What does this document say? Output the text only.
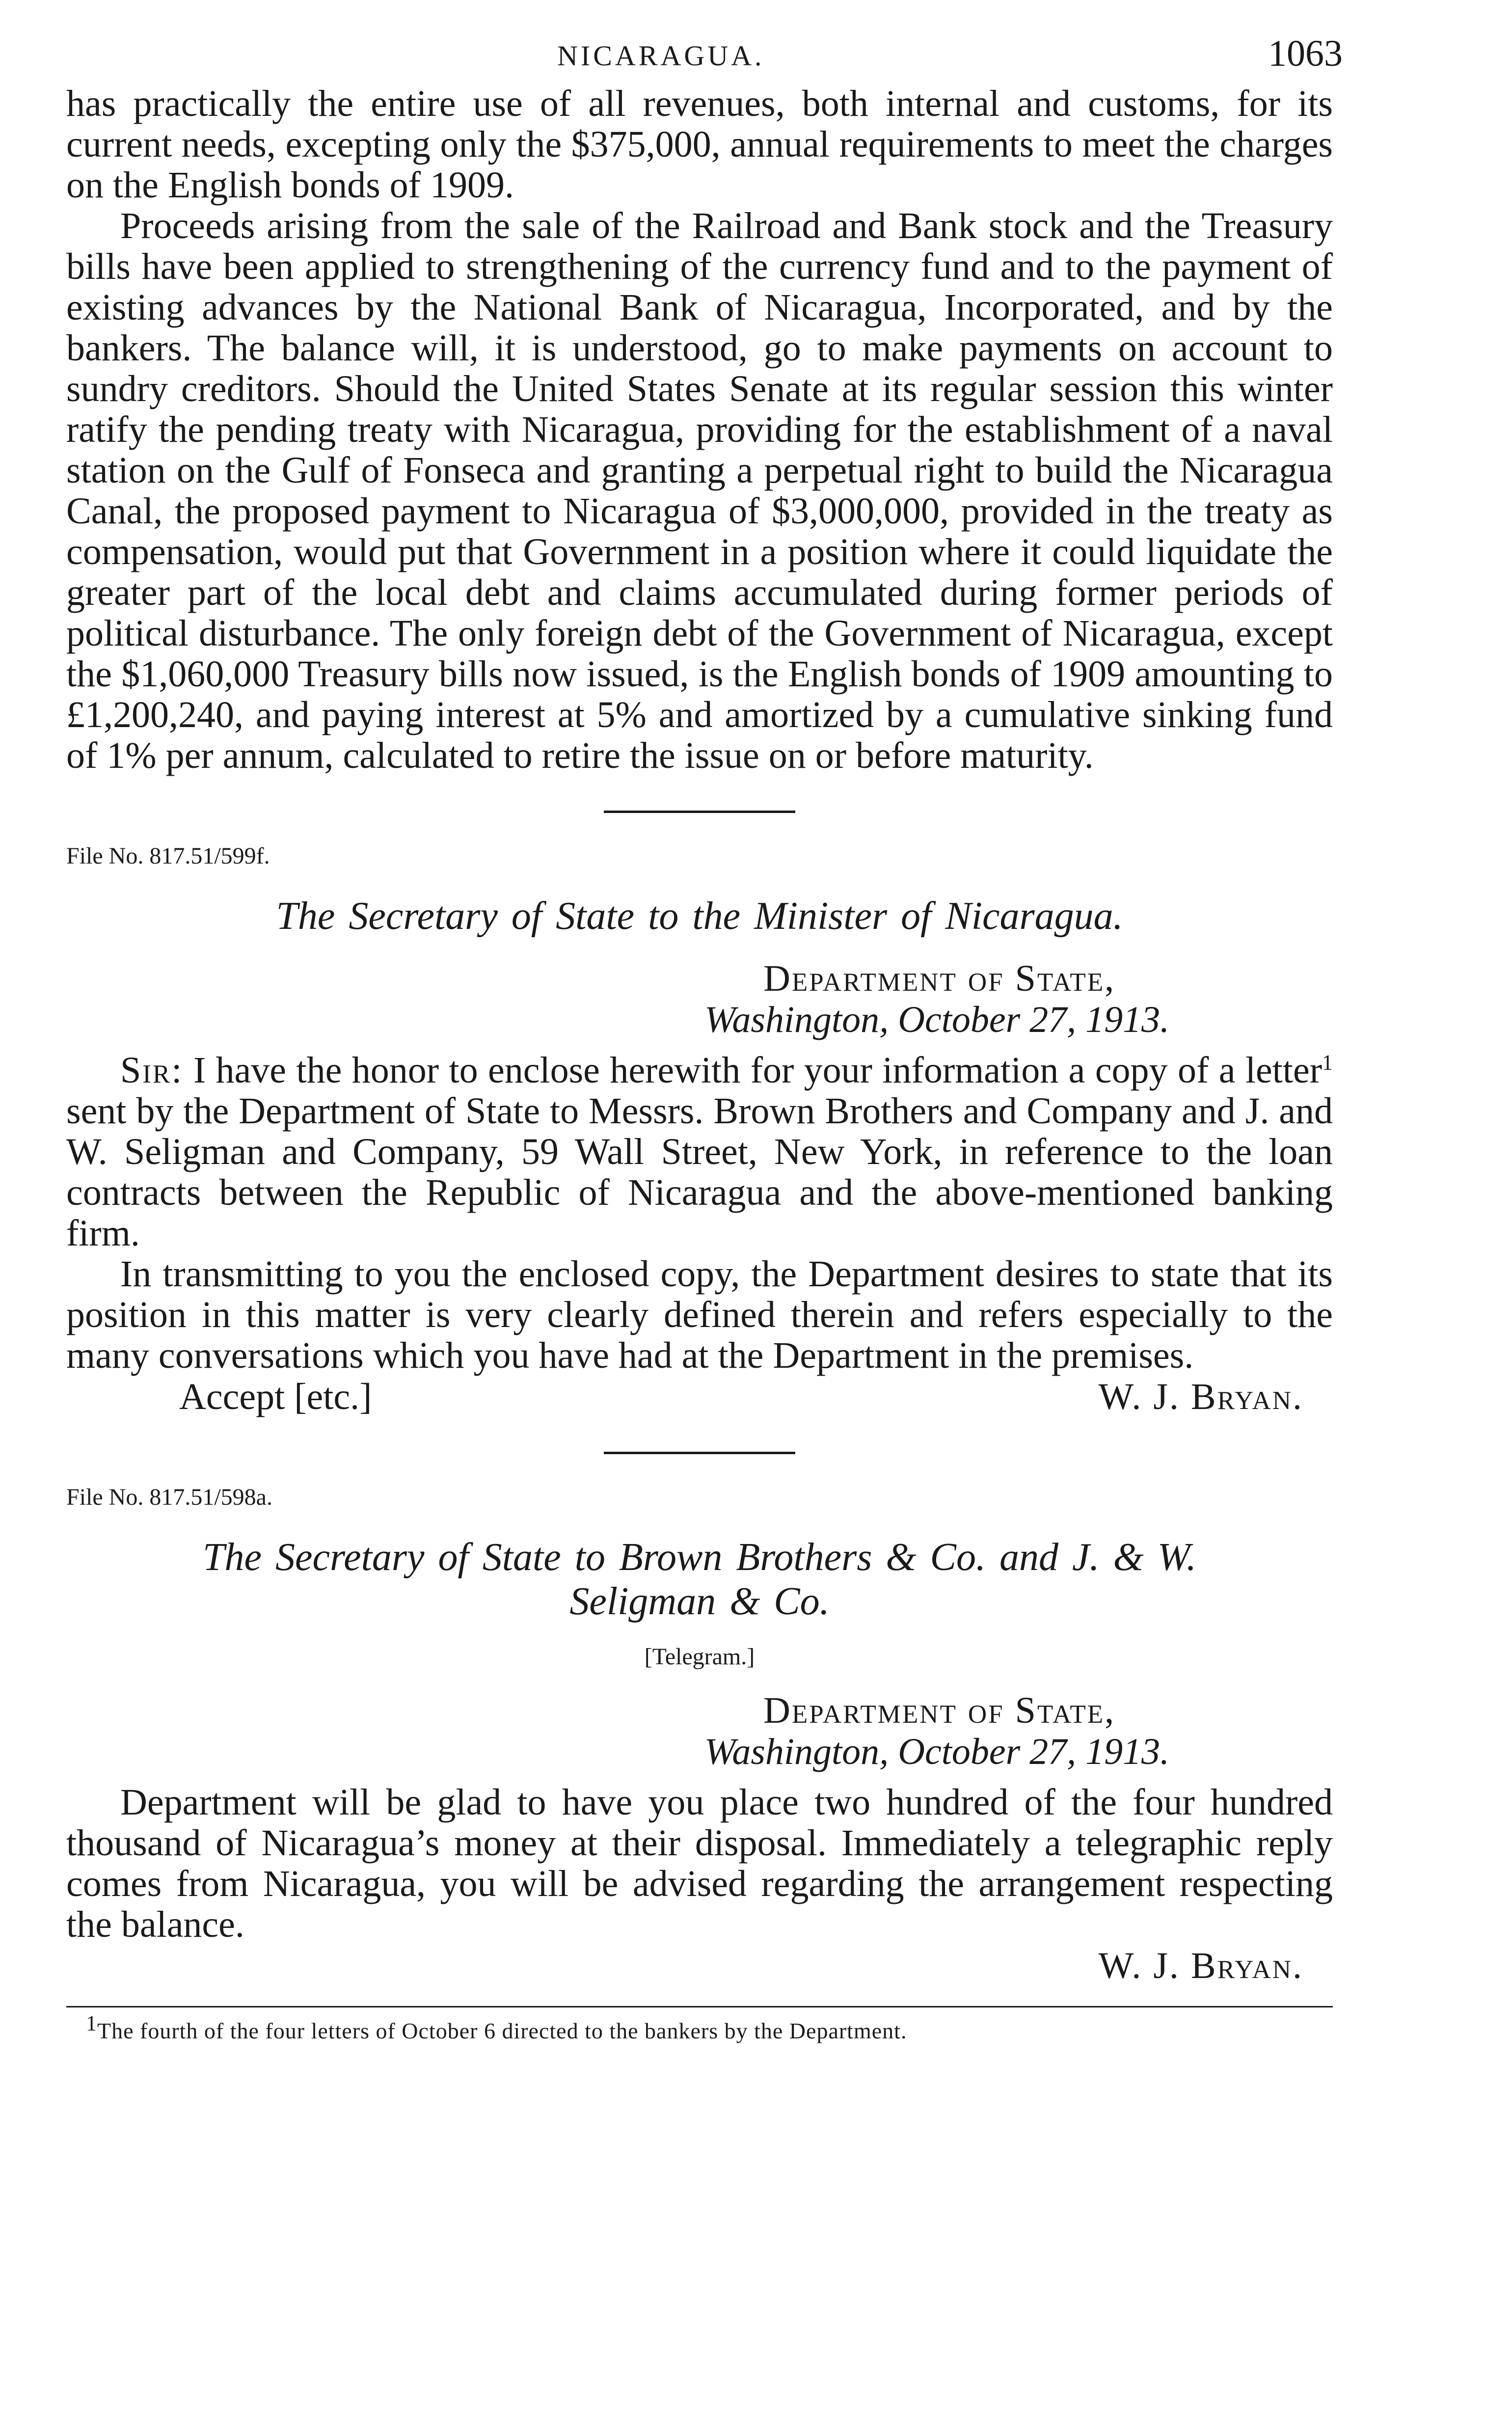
NICARAGUA.	1063

has practically the entire use of all revenues, both internal and customs, for its current needs, excepting only the $375,000, annual requirements to meet the charges on the English bonds of 1909.

Proceeds arising from the sale of the Railroad and Bank stock and the Treasury bills have been applied to strengthening of the currency fund and to the payment of existing advances by the National Bank of Nicaragua, Incorporated, and by the bankers. The balance will, it is understood, go to make payments on account to sundry creditors. Should the United States Senate at its regular session this winter ratify the pending treaty with Nicaragua, providing for the establishment of a naval station on the Gulf of Fonseca and granting a perpetual right to build the Nicaragua Canal, the proposed payment to Nicaragua of $3,000,000, provided in the treaty as compensation, would put that Government in a position where it could liquidate the greater part of the local debt and claims accumulated during former periods of political disturbance. The only foreign debt of the Government of Nicaragua, except the $1,060,000 Treasury bills now issued, is the English bonds of 1909 amounting to £1,200,240, and paying interest at 5% and amortized by a cumulative sinking fund of 1% per annum, calculated to retire the issue on or before maturity.

File No. 817.51/599f.
The Secretary of State to the Minister of Nicaragua.
Department of State,
Washington, October 27, 1913.

Sir: I have the honor to enclose herewith for your information a copy of a letter$^1$ sent by the Department of State to Messrs. Brown Brothers and Company and J. and W. Seligman and Company, 59 Wall Street, New York, in reference to the loan contracts between the Republic of Nicaragua and the above-mentioned banking firm.

In transmitting to you the enclosed copy, the Department desires to state that its position in this matter is very clearly defined therein and refers especially to the many conversations which you have had at the Department in the premises.

Accept [etc.]	W. J. Bryan.
File No. 817.51/598a.
The Secretary of State to Brown Brothers & Co. and J. & W.
Seligman & Co.
[Telegram.]
Department of State,
Washington, October 27, 1913.

Department will be glad to have you place two hundred of the four hundred thousand of Nicaragua’s money at their disposal. Immediately a telegraphic reply comes from Nicaragua, you will be advised regarding the arrangement respecting the balance.

W. J. Bryan.
$^1$The fourth of the four letters of October 6 directed to the bankers by the Department.
